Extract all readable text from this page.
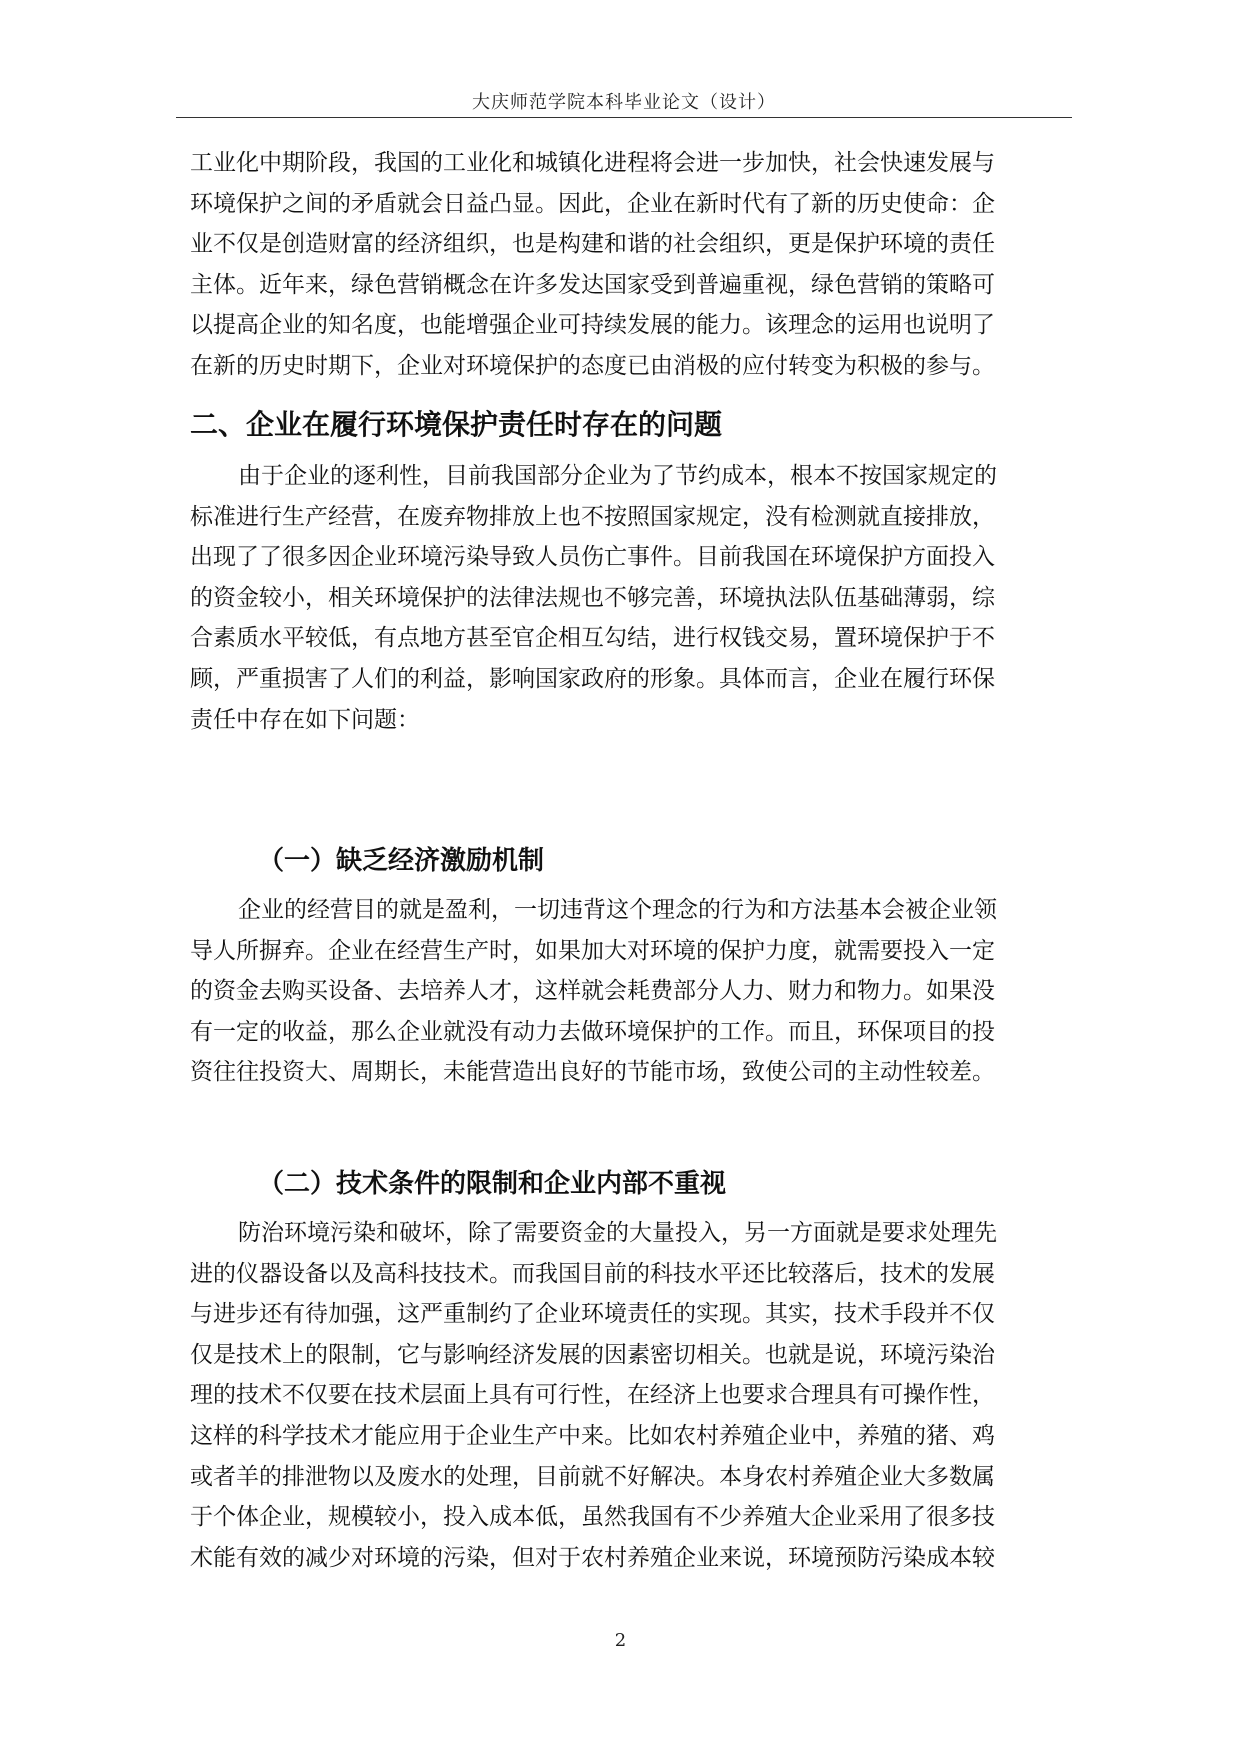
大庆师范学院本科毕业论文（设计）
工业化中期阶段，我国的工业化和城镇化进程将会进一步加快，社会快速发展与
环境保护之间的矛盾就会日益凸显。因此，企业在新时代有了新的历史使命：企
业不仅是创造财富的经济组织，也是构建和谐的社会组织，更是保护环境的责任
主体。近年来，绿色营销概念在许多发达国家受到普遍重视，绿色营销的策略可
以提高企业的知名度，也能增强企业可持续发展的能力。该理念的运用也说明了
在新的历史时期下，企业对环境保护的态度已由消极的应付转变为积极的参与。
二、企业在履行环境保护责任时存在的问题
由于企业的逐利性，目前我国部分企业为了节约成本，根本不按国家规定的
标准进行生产经营，在废弃物排放上也不按照国家规定，没有检测就直接排放，
出现了了很多因企业环境污染导致人员伤亡事件。目前我国在环境保护方面投入
的资金较小，相关环境保护的法律法规也不够完善，环境执法队伍基础薄弱，综
合素质水平较低，有点地方甚至官企相互勾结，进行权钱交易，置环境保护于不
顾，严重损害了人们的利益，影响国家政府的形象。具体而言，企业在履行环保
责任中存在如下问题：
（一）缺乏经济激励机制
企业的经营目的就是盈利，一切违背这个理念的行为和方法基本会被企业领
导人所摒弃。企业在经营生产时，如果加大对环境的保护力度，就需要投入一定
的资金去购买设备、去培养人才，这样就会耗费部分人力、财力和物力。如果没
有一定的收益，那么企业就没有动力去做环境保护的工作。而且，环保项目的投
资往往投资大、周期长，未能营造出良好的节能市场，致使公司的主动性较差。
（二）技术条件的限制和企业内部不重视
防治环境污染和破坏，除了需要资金的大量投入，另一方面就是要求处理先
进的仪器设备以及高科技技术。而我国目前的科技水平还比较落后，技术的发展
与进步还有待加强，这严重制约了企业环境责任的实现。其实，技术手段并不仅
仅是技术上的限制，它与影响经济发展的因素密切相关。也就是说，环境污染治
理的技术不仅要在技术层面上具有可行性，在经济上也要求合理具有可操作性，
这样的科学技术才能应用于企业生产中来。比如农村养殖企业中，养殖的猪、鸡
或者羊的排泄物以及废水的处理，目前就不好解决。本身农村养殖企业大多数属
于个体企业，规模较小，投入成本低，虽然我国有不少养殖大企业采用了很多技
术能有效的减少对环境的污染，但对于农村养殖企业来说，环境预防污染成本较
2
